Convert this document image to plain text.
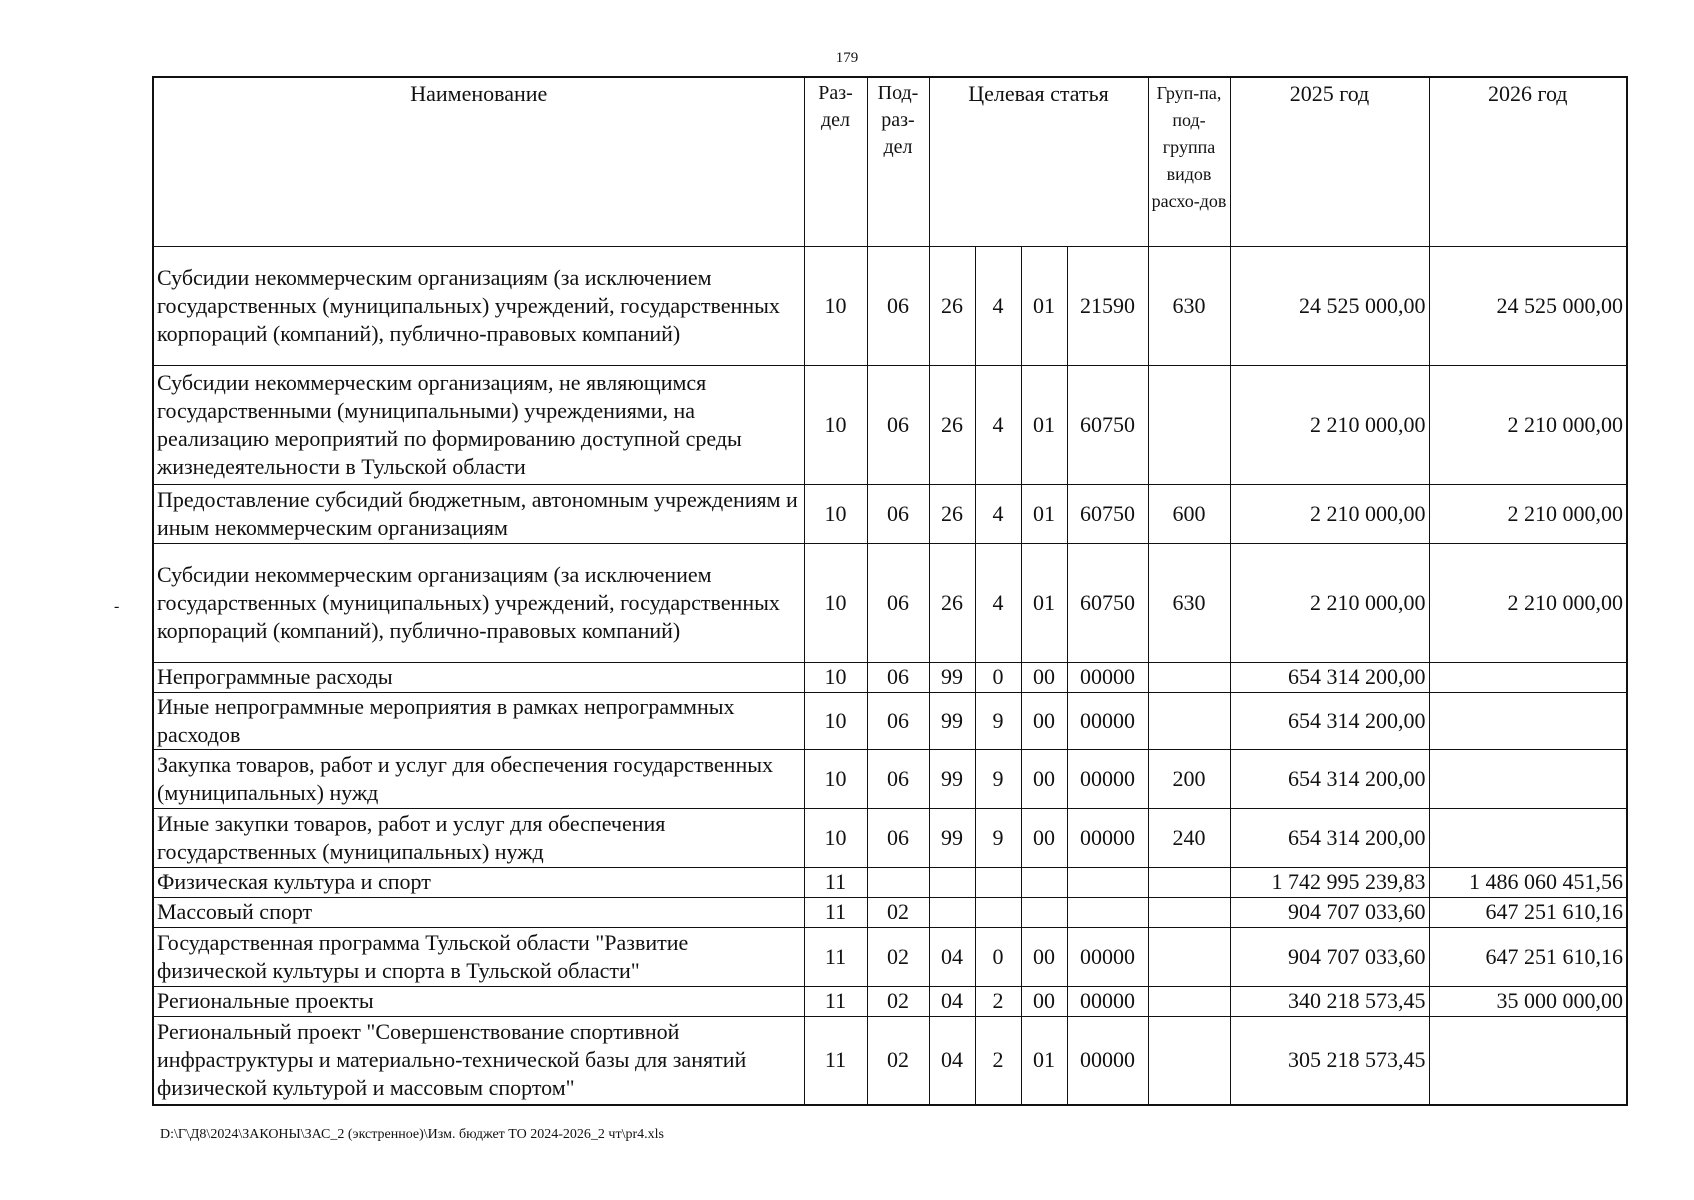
179
-
Наименование	Раз-дел	Под-раз-дел	Целевая статья				Груп-па, под-группа видов расхо-дов	2025 год	2026 год
Субсидии некоммерческим организациям (за исключением государственных (муниципальных) учреждений, государственных корпораций (компаний), публично-правовых компаний)	10	06	26	4	01	21590	630	24 525 000,00	24 525 000,00
Субсидии некоммерческим организациям, не являющимся государственными (муниципальными) учреждениями, на реализацию мероприятий по формированию доступной среды жизнедеятельности в Тульской области	10	06	26	4	01	60750		2 210 000,00	2 210 000,00
Предоставление субсидий бюджетным, автономным учреждениям и иным некоммерческим организациям	10	06	26	4	01	60750	600	2 210 000,00	2 210 000,00
Субсидии некоммерческим организациям (за исключением государственных (муниципальных) учреждений, государственных корпораций (компаний), публично-правовых компаний)	10	06	26	4	01	60750	630	2 210 000,00	2 210 000,00
Непрограммные расходы	10	06	99	0	00	00000		654 314 200,00	
Иные непрограммные мероприятия в рамках непрограммных расходов	10	06	99	9	00	00000		654 314 200,00	
Закупка товаров, работ и услуг для обеспечения государственных (муниципальных) нужд	10	06	99	9	00	00000	200	654 314 200,00	
Иные закупки товаров, работ и услуг для обеспечения государственных (муниципальных) нужд	10	06	99	9	00	00000	240	654 314 200,00	
Физическая культура и спорт	11							1 742 995 239,83	1 486 060 451,56
Массовый спорт	11	02						904 707 033,60	647 251 610,16
Государственная программа Тульской области "Развитие физической культуры и спорта в Тульской области"	11	02	04	0	00	00000		904 707 033,60	647 251 610,16
Региональные проекты	11	02	04	2	00	00000		340 218 573,45	35 000 000,00
Региональный проект "Совершенствование спортивной инфраструктуры и материально-технической базы для занятий физической культурой и массовым спортом"	11	02	04	2	01	00000		305 218 573,45	
D:\Г\Д8\2024\ЗАКОНЫ\ЗАС_2 (экстренное)\Изм. бюджет ТО 2024-2026_2 чт\pr4.xls
